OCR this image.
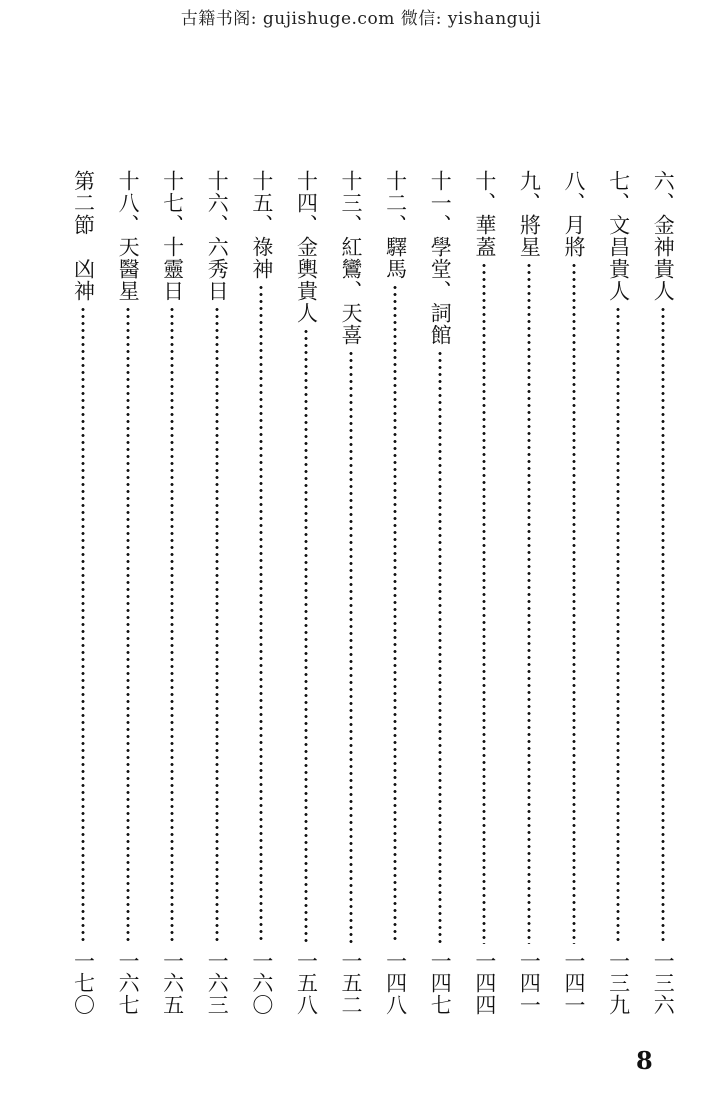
古籍书阁: gujishuge.com 微信: yishanguji
六、金神貴人
一三六
七、文昌貴人
一三九
八、月將
一四一
九、將星
一四一
十、華蓋
一四四
十一、學堂、詞館
一四七
十二、驛馬
一四八
十三、紅鸞、天喜
一五二
十四、金輿貴人
一五八
十五、祿神
一六〇
十六、六秀日
一六三
十七、十靈日
一六五
十八、天醫星
一六七
第二節　凶神
一七〇
8
